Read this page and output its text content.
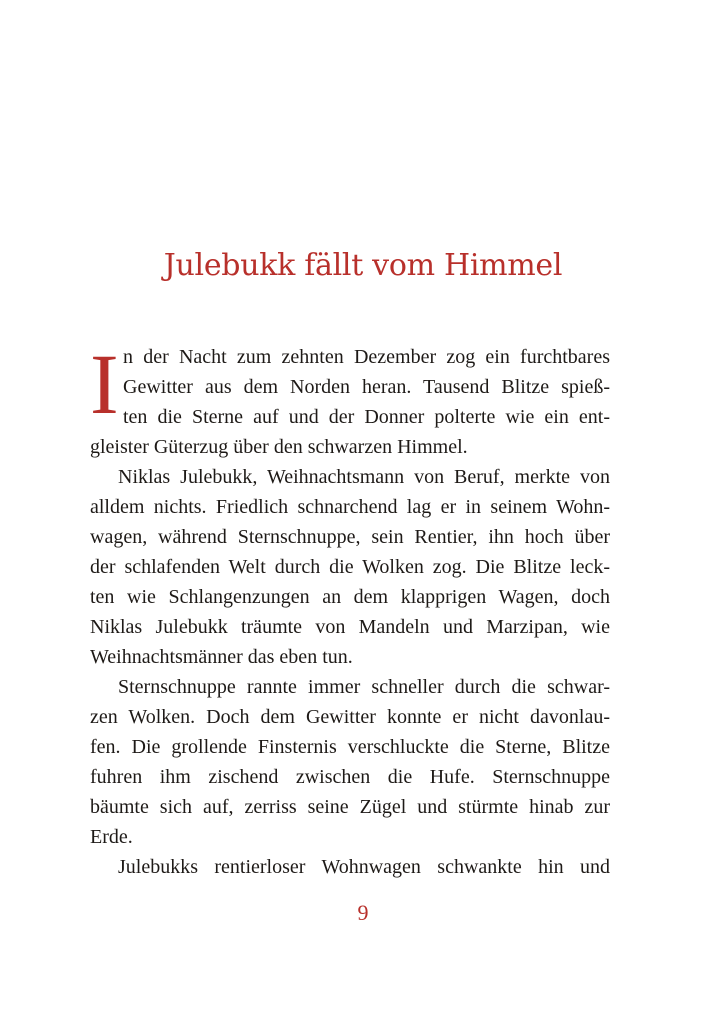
Julebukk fällt vom Himmel
I n der Nacht zum zehnten Dezember zog ein furchtbares
Gewitter aus dem Norden heran. Tausend Blitze spieß-
ten die Sterne auf und der Donner polterte wie ein ent-
gleister Güterzug über den schwarzen Himmel.
Niklas Julebukk, Weihnachtsmann von Beruf, merkte von
alldem nichts. Friedlich schnarchend lag er in seinem Wohn-
wagen, während Sternschnuppe, sein Rentier, ihn hoch über
der schlafenden Welt durch die Wolken zog. Die Blitze leck-
ten wie Schlangenzungen an dem klapprigen Wagen, doch
Niklas Julebukk träumte von Mandeln und Marzipan, wie
Weihnachtsmänner das eben tun.
Sternschnuppe rannte immer schneller durch die schwar-
zen Wolken. Doch dem Gewitter konnte er nicht davonlau-
fen. Die grollende Finsternis verschluckte die Sterne, Blitze
fuhren ihm zischend zwischen die Hufe. Sternschnuppe
bäumte sich auf, zerriss seine Zügel und stürmte hinab zur
Erde.
Julebukks rentierloser Wohnwagen schwankte hin und
9
